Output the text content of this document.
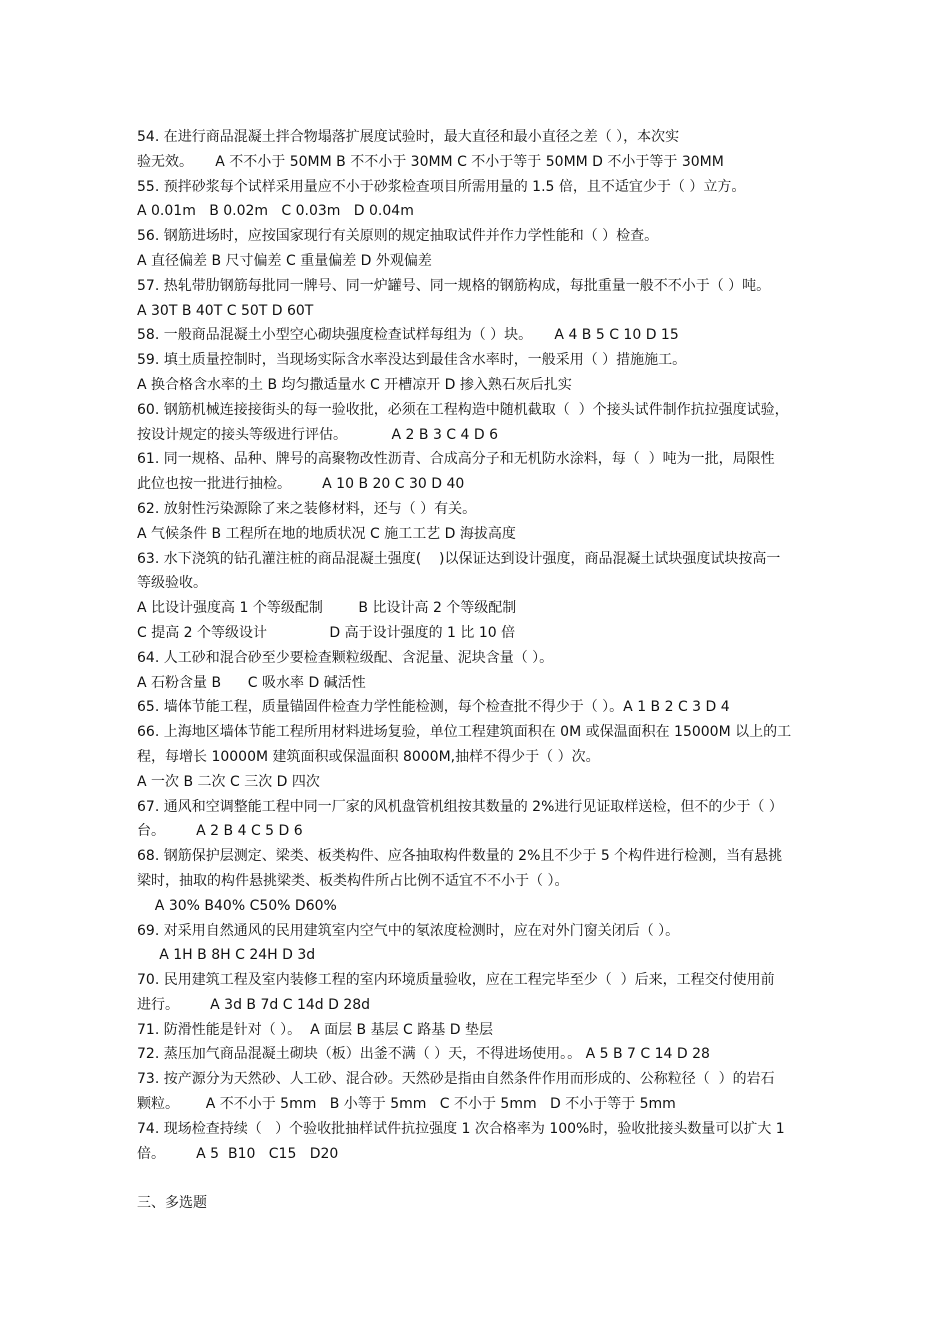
54. 在进行商品混凝土拌合物塌落扩展度试验时，最大直径和最小直径之差（ ），本次实
验无效。     A 不不小于 50MM B 不不小于 30MM C 不小于等于 50MM D 不小于等于 30MM
55. 预拌砂浆每个试样采用量应不小于砂浆检查项目所需用量的 1.5 倍，且不适宜少于（ ）立方。
A 0.01m   B 0.02m   C 0.03m   D 0.04m
56. 钢筋进场时，应按国家现行有关原则的规定抽取试件并作力学性能和（ ）检查。
A 直径偏差 B 尺寸偏差 C 重量偏差 D 外观偏差
57. 热轧带肋钢筋每批同一牌号、同一炉罐号、同一规格的钢筋构成，每批重量一般不不小于（ ）吨。
A 30T B 40T C 50T D 60T
58. 一般商品混凝土小型空心砌块强度检查试样每组为（ ）块。     A 4 B 5 C 10 D 15
59. 填土质量控制时，当现场实际含水率没达到最佳含水率时，一般采用（ ）措施施工。
A 换合格含水率的土 B 均匀撒适量水 C 开槽凉开 D 掺入熟石灰后扎实
60. 钢筋机械连接接街头的每一验收批，必须在工程构造中随机截取（  ）个接头试件制作抗拉强度试验，
按设计规定的接头等级进行评估。          A 2 B 3 C 4 D 6
61. 同一规格、品种、牌号的高聚物改性沥青、合成高分子和无机防水涂料，每（  ）吨为一批，局限性
此位也按一批进行抽检。       A 10 B 20 C 30 D 40
62. 放射性污染源除了来之装修材料，还与（ ）有关。
A 气候条件 B 工程所在地的地质状况 C 施工工艺 D 海拔高度
63. 水下浇筑的钻孔灌注桩的商品混凝土强度(    )以保证达到设计强度，商品混凝土试块强度试块按高一
等级验收。
A 比设计强度高 1 个等级配制        B 比设计高 2 个等级配制
C 提高 2 个等级设计              D 高于设计强度的 1 比 10 倍
64. 人工砂和混合砂至少要检查颗粒级配、含泥量、泥块含量（ ）。
A 石粉含量 B      C 吸水率 D 碱活性
65. 墙体节能工程，质量锚固件检查力学性能检测，每个检查批不得少于（ ）。A 1 B 2 C 3 D 4
66. 上海地区墙体节能工程所用材料进场复验，单位工程建筑面积在 0M 或保温面积在 15000M 以上的工
程，每增长 10000M 建筑面积或保温面积 8000M,抽样不得少于（ ）次。
A 一次 B 二次 C 三次 D 四次
67. 通风和空调整能工程中同一厂家的风机盘管机组按其数量的 2%进行见证取样送检，但不的少于（ ）
台。       A 2 B 4 C 5 D 6
68. 钢筋保护层测定、梁类、板类构件、应各抽取构件数量的 2%且不少于 5 个构件进行检测，当有悬挑
梁时，抽取的构件悬挑梁类、板类构件所占比例不适宜不不小于（ ）。
A 30% B40% C50% D60%
69. 对采用自然通风的民用建筑室内空气中的氡浓度检测时，应在对外门窗关闭后（ ）。
A 1H B 8H C 24H D 3d
70. 民用建筑工程及室内装修工程的室内环境质量验收，应在工程完毕至少（  ）后来，工程交付使用前
进行。       A 3d B 7d C 14d D 28d
71. 防滑性能是针对（ ）。  A 面层 B 基层 C 路基 D 垫层
72. 蒸压加气商品混凝土砌块（板）出釜不满（ ）天，不得进场使用。。 A 5 B 7 C 14 D 28
73. 按产源分为天然砂、人工砂、混合砂。天然砂是指由自然条件作用而形成的、公称粒径（  ）的岩石
颗粒。      A 不不小于 5mm   B 小等于 5mm   C 不小于 5mm   D 不小于等于 5mm
74. 现场检查持续（   ）个验收批抽样试件抗拉强度 1 次合格率为 100%时，验收批接头数量可以扩大 1
倍。       A 5  B10   C15   D20
三、多选题
